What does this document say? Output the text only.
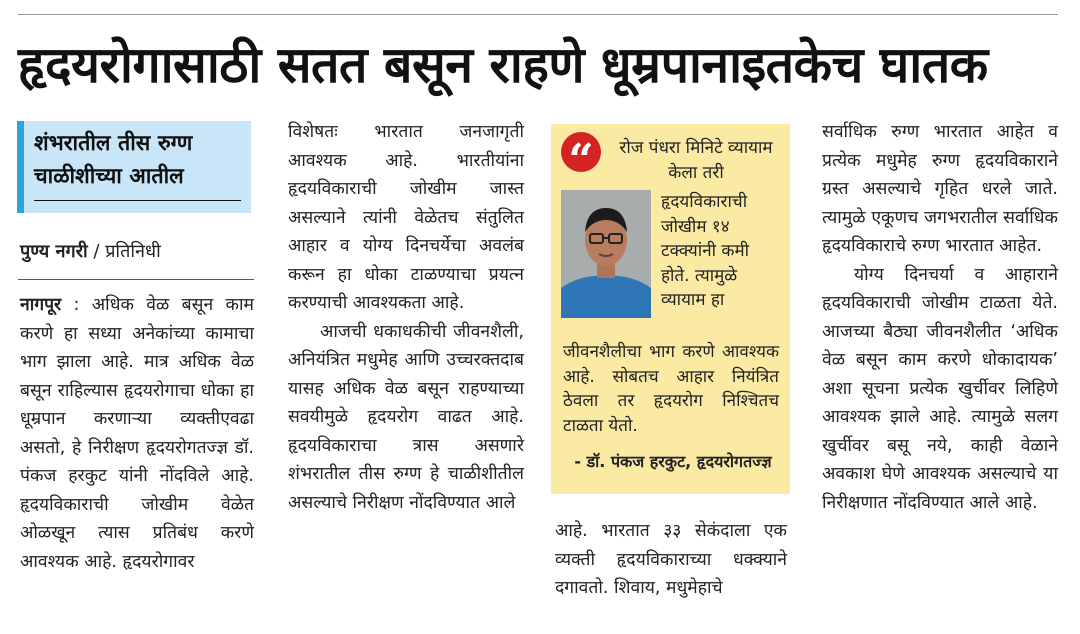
हृदयरोगासाठी सतत बसून राहणे धूम्रपानाइतकेच घातक
शंभरातील तीस रुग्ण
चाळीशीच्या आतील
पुण्य नगरी / प्रतिनिधी

नागपूर : अधिक वेळ बसून काम करणे हा सध्या अनेकांच्या कामाचा भाग झाला आहे. मात्र अधिक वेळ बसून राहिल्यास हृदयरोगाचा धोका हा धूम्रपान करणाऱ्या व्यक्तीएवढा असतो, हे निरीक्षण हृदयरोगतज्ज्ञ डॉ. पंकज हरकुट यांनी नोंदविले आहे. हृदयविकाराची जोखीम वेळेत ओळखून त्यास प्रतिबंध करणे आवश्यक आहे. हृदयरोगावर

विशेषतः भारतात जनजागृती आवश्यक आहे. भारतीयांना हृदयविकाराची जोखीम जास्त असल्याने त्यांनी वेळेतच संतुलित आहार व योग्य दिनचर्येचा अवलंब करून हा धोका टाळण्याचा प्रयत्न करण्याची आवश्यकता आहे.

आजची धकाधकीची जीवनशैली, अनियंत्रित मधुमेह आणि उच्चरक्तदाब यासह अधिक वेळ बसून राहण्याच्या सवयीमुळे हृदयरोग वाढत आहे. हृदयविकाराचा त्रास असणारे शंभरातील तीस रुग्ण हे चाळीशीतील असल्याचे निरीक्षण नोंदविण्यात आले

“	रोज पंधरा मिनिटे व्यायाम केला तरी

हृदयविकाराची जोखीम १४ टक्क्यांनी कमी होते. त्यामुळे व्यायाम हा

जीवनशैलीचा भाग करणे आवश्यक आहे. सोबतच आहार नियंत्रित ठेवला तर हृदयरोग निश्चितच टाळता येतो.

- डॉ. पंकज हरकुट, हृदयरोगतज्ज्ञ

आहे. भारतात ३३ सेकंदाला एक व्यक्ती हृदयविकाराच्या धक्क्याने दगावतो. शिवाय, मधुमेहाचे

सर्वाधिक रुग्ण भारतात आहेत व प्रत्येक मधुमेह रुग्ण हृदयविकाराने ग्रस्त असल्याचे गृहित धरले जाते. त्यामुळे एकूणच जगभरातील सर्वाधिक हृदयविकाराचे रुग्ण भारतात आहेत.

योग्य दिनचर्या व आहाराने हृदयविकाराची जोखीम टाळता येते. आजच्या बैठ्या जीवनशैलीत ‘अधिक वेळ बसून काम करणे धोकादायक’ अशा सूचना प्रत्येक खुर्चीवर लिहिणे आवश्यक झाले आहे. त्यामुळे सलग खुर्चीवर बसू नये, काही वेळाने अवकाश घेणे आवश्यक असल्याचे या निरीक्षणात नोंदविण्यात आले आहे.
